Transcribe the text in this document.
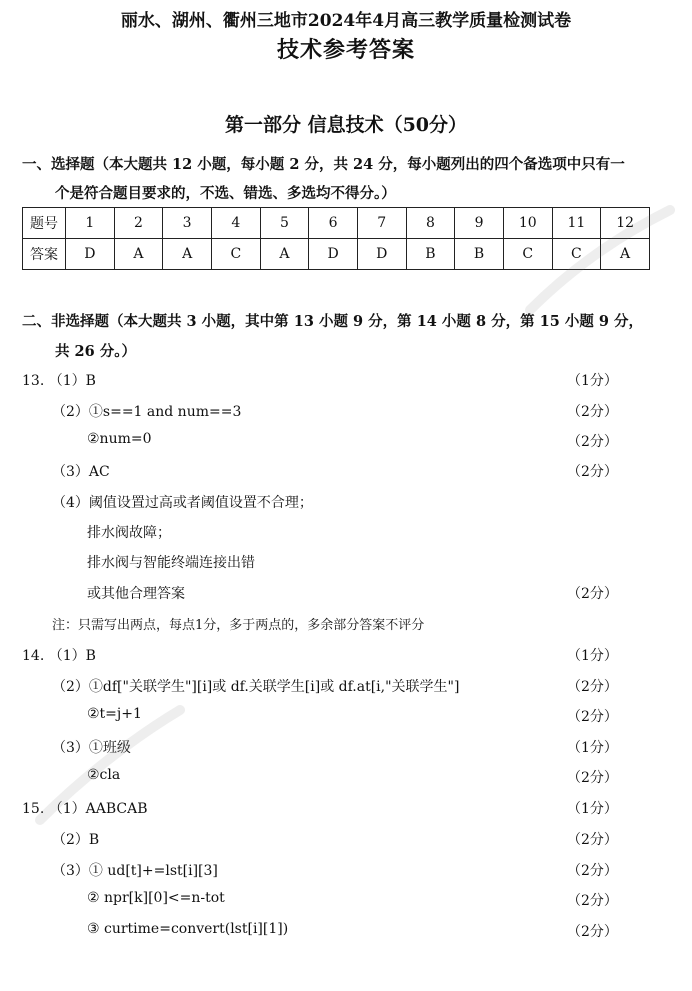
丽水、湖州、衢州三地市2024年4月高三教学质量检测试卷
技术参考答案
第一部分 信息技术（50分）
一、选择题（本大题共 12 小题，每小题 2 分，共 24 分，每小题列出的四个备选项中只有一
个是符合题目要求的，不选、错选、多选均不得分。）
题号	1	2	3	4	5	6	7	8	9	10	11	12
答案	D	A	A	C	A	D	D	B	B	C	C	A
二、非选择题（本大题共 3 小题，其中第 13 小题 9 分，第 14 小题 8 分，第 15 小题 9 分，
共 26 分。）
13. （1）B	（1分）
（2）①s==1 and num==3	（2分）
②num=0	（2分）
（3）AC	（2分）
（4）阈值设置过高或者阈值设置不合理；
排水阀故障；
排水阀与智能终端连接出错
或其他合理答案	（2分）
注：只需写出两点，每点1分，多于两点的，多余部分答案不评分
14. （1）B	（1分）
（2）①df["关联学生"][i]或 df.关联学生[i]或 df.at[i,"关联学生"]	（2分）
②t=j+1	（2分）
（3）①班级	（1分）
②cla	（2分）
15. （1）AABCAB	（1分）
（2）B	（2分）
（3）① ud[t]+=lst[i][3]	（2分）
② npr[k][0]<=n-tot	（2分）
③ curtime=convert(lst[i][1])	（2分）
